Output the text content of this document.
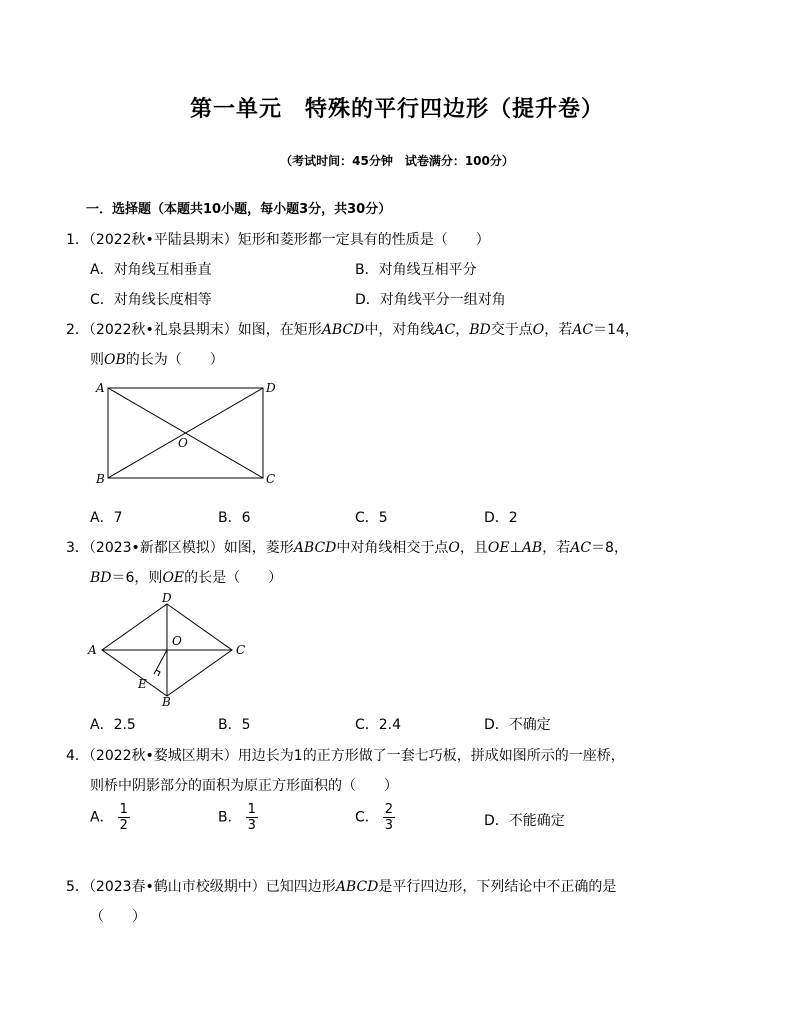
第一单元　特殊的平行四边形（提升卷）
（考试时间：45分钟　试卷满分：100分）
一．选择题（本题共10小题，每小题3分，共30分）
1．（2022秋•平陆县期末）矩形和菱形都一定具有的性质是（　　）
A．对角线互相垂直	B．对角线互相平分
C．对角线长度相等	D．对角线平分一组对角
2．（2022秋•礼泉县期末）如图，在矩形ABCD中，对角线AC，BD交于点O，若AC＝14，
则OB的长为（　　）
A	D
O
B	C
A．7	B．6	C．5	D．2
3．（2023•新都区模拟）如图，菱形ABCD中对角线相交于点O，且OE⊥AB，若AC＝8，
BD＝6，则OE的长是（　　）
D
O
A	C
E
B
A．2.5	B．5	C．2.4	D．不确定
4．（2022秋•婺城区期末）用边长为1的正方形做了一套七巧板，拼成如图所示的一座桥，
则桥中阴影部分的面积为原正方形面积的（　　）
A． $\frac{1}{2}$	B． $\frac{1}{3}$	C． $\frac{2}{3}$	D．不能确定
5．（2023春•鹤山市校级期中）已知四边形ABCD是平行四边形，下列结论中不正确的是
（　　）
